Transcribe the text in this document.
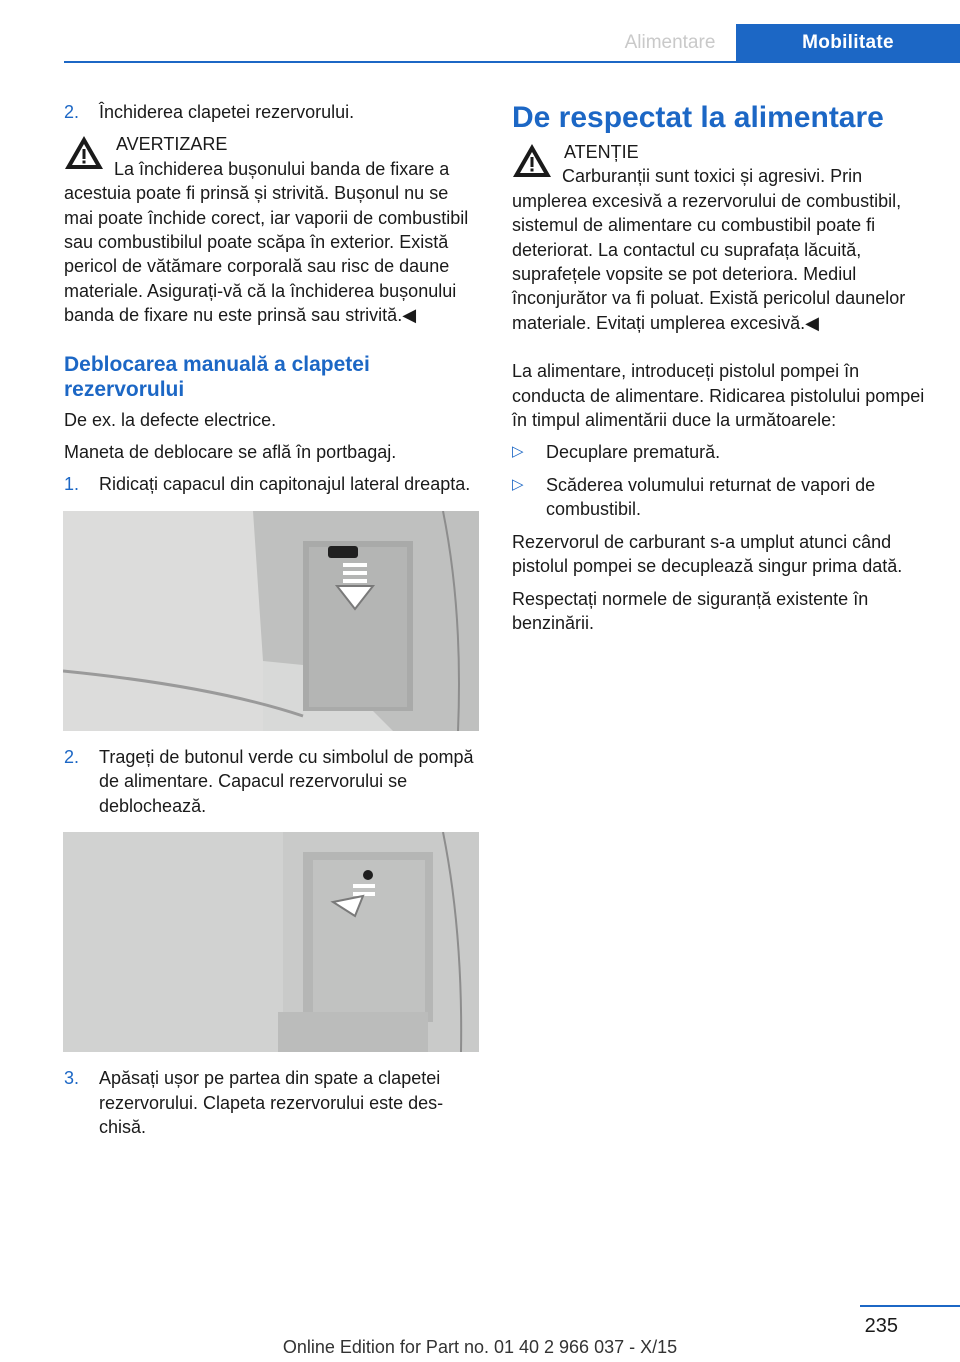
Alimentare	Mobilitate
2. Închiderea clapetei rezervorului.

AVERTIZARE

La închiderea bușonului banda de fixare a acestuia poate fi prinsă și strivită. Bușonul nu se mai poate închide corect, iar vaporii de combustibil sau combustibilul poate scăpa în exterior. Există pericol de vătămare corporală sau risc de daune materiale. Asigurați-vă că la închiderea bușonului banda de fixare nu este prinsă sau strivită.◀

Deblocarea manuală a clapetei rezervorului

De ex. la defecte electrice.

Maneta de deblocare se află în portbagaj.

1. Ridicați capacul din capitonajul lateral dreapta.
2. Trageți de butonul verde cu simbolul de pompă de alimentare. Capacul rezervorului se deblochează.
3. Apăsați ușor pe partea din spate a clapetei rezervorului. Clapeta rezervorului este deschisă.
De respectat la alimentare

ATENȚIE

Carburanții sunt toxici și agresivi. Prin umplerea excesivă a rezervorului de combustibil, sistemul de alimentare cu combustibil poate fi deteriorat. La contactul cu suprafața lăcuită, suprafețele vopsite se pot deteriora. Mediul înconjurător va fi poluat. Există pericolul daunelor materiale. Evitați umplerea excesivă.◀

La alimentare, introduceți pistolul pompei în conducta de alimentare. Ridicarea pistolului pompei în timpul alimentării duce la următoarele:

▷ Decuplare prematură.
▷ Scăderea volumului returnat de vapori de combustibil.

Rezervorul de carburant s-a umplut atunci când pistolul pompei se decuplează singur prima dată.

Respectați normele de siguranță existente în benzinării.

235
Online Edition for Part no. 01 40 2 966 037 - X/15
